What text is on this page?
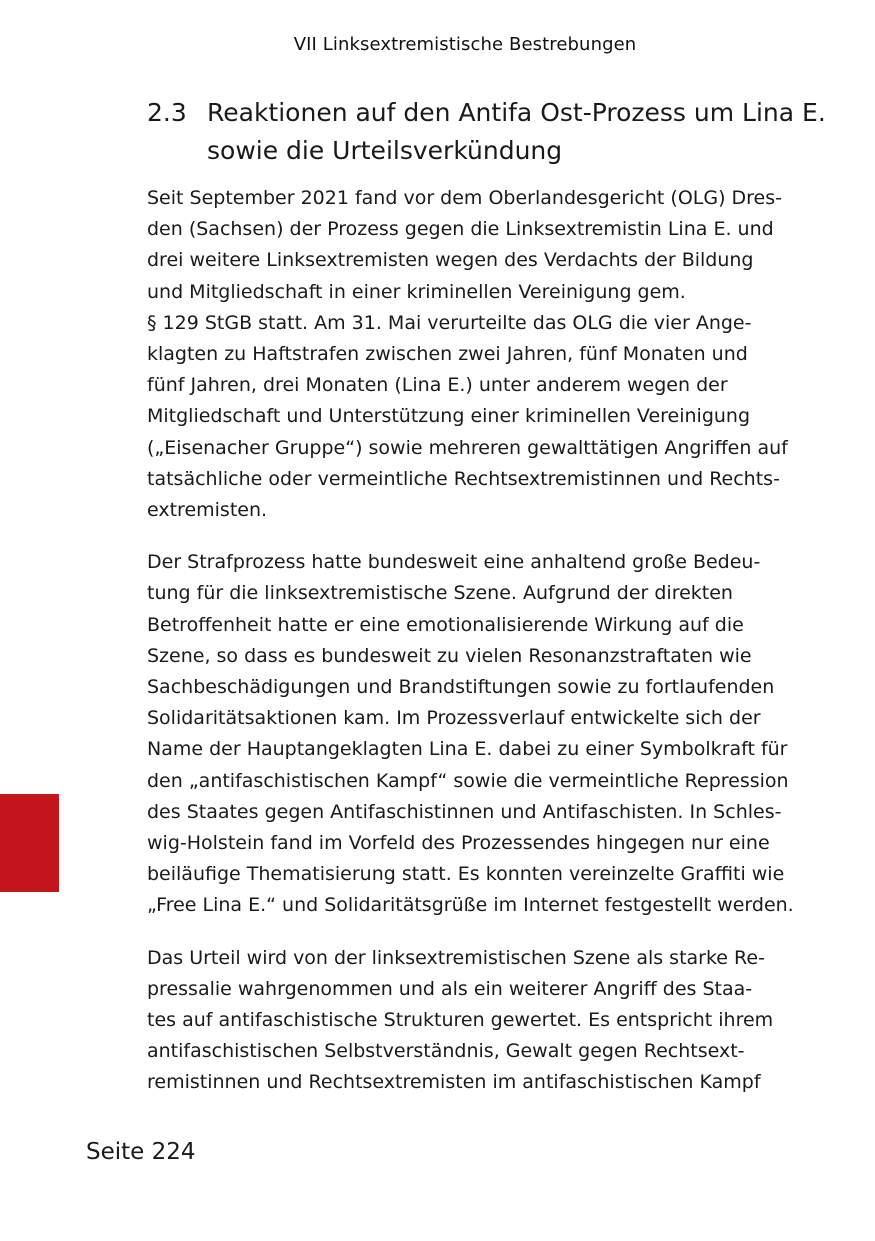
VII Linksextremistische Bestrebungen
2.3 Reaktionen auf den Antifa Ost-Prozess um Lina E.
sowie die Urteilsverkündung

Seit September 2021 fand vor dem Oberlandesgericht (OLG) Dres-
den (Sachsen) der Prozess gegen die Linksextremistin Lina E. und
drei weitere Linksextremisten wegen des Verdachts der Bildung
und Mitgliedschaft in einer kriminellen Vereinigung gem.
§ 129 StGB statt. Am 31. Mai verurteilte das OLG die vier Ange-
klagten zu Haftstrafen zwischen zwei Jahren, fünf Monaten und
fünf Jahren, drei Monaten (Lina E.) unter anderem wegen der
Mitgliedschaft und Unterstützung einer kriminellen Vereinigung
(„Eisenacher Gruppe“) sowie mehreren gewalttätigen Angriffen auf
tatsächliche oder vermeintliche Rechtsextremistinnen und Rechts-
extremisten.

Der Strafprozess hatte bundesweit eine anhaltend große Bedeu-
tung für die linksextremistische Szene. Aufgrund der direkten
Betroffenheit hatte er eine emotionalisierende Wirkung auf die
Szene, so dass es bundesweit zu vielen Resonanzstraftaten wie
Sachbeschädigungen und Brandstiftungen sowie zu fortlaufenden
Solidaritätsaktionen kam. Im Prozessverlauf entwickelte sich der
Name der Hauptangeklagten Lina E. dabei zu einer Symbolkraft für
den „antifaschistischen Kampf“ sowie die vermeintliche Repression
des Staates gegen Antifaschistinnen und Antifaschisten. In Schles-
wig-Holstein fand im Vorfeld des Prozessendes hingegen nur eine
beiläufige Thematisierung statt. Es konnten vereinzelte Graffiti wie
„Free Lina E.“ und Solidaritätsgrüße im Internet festgestellt werden.

Das Urteil wird von der linksextremistischen Szene als starke Re-
pressalie wahrgenommen und als ein weiterer Angriff des Staa-
tes auf antifaschistische Strukturen gewertet. Es entspricht ihrem
antifaschistischen Selbstverständnis, Gewalt gegen Rechtsext-
remistinnen und Rechtsextremisten im antifaschistischen Kampf

Seite 224
